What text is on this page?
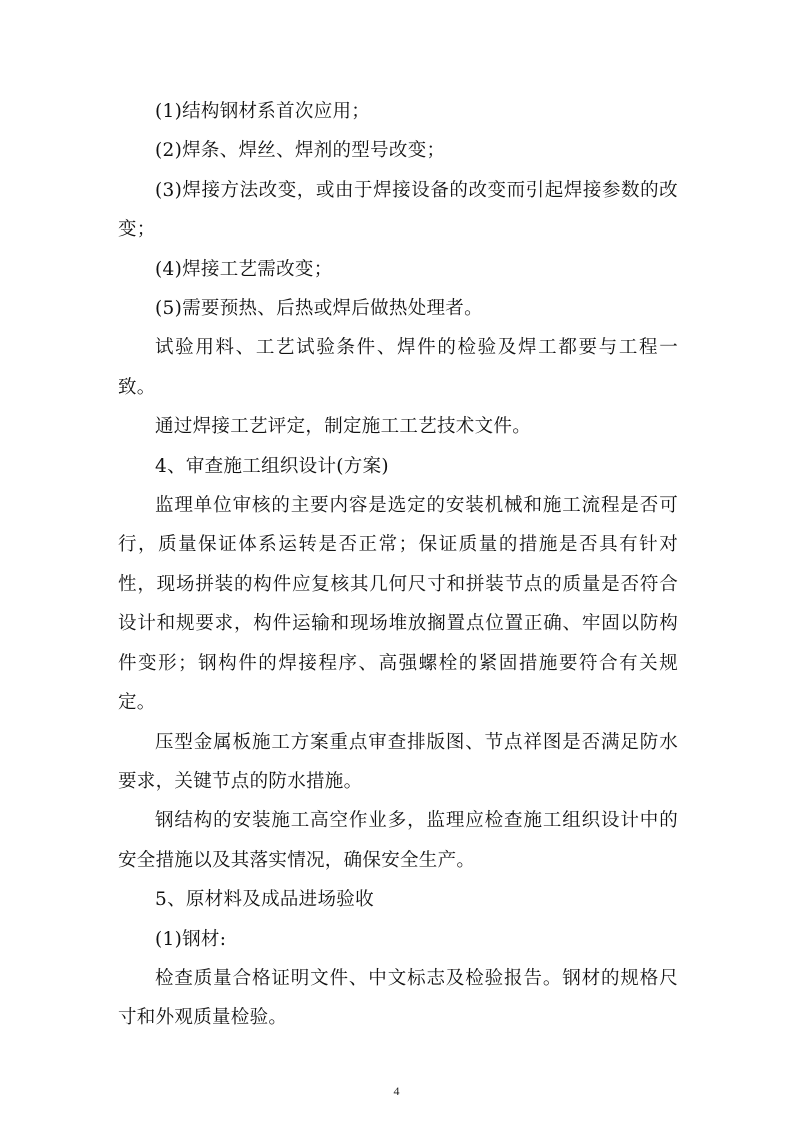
(1)结构钢材系首次应用；

(2)焊条、焊丝、焊剂的型号改变；

(3)焊接方法改变，或由于焊接设备的改变而引起焊接参数的改变；

(4)焊接工艺需改变；

(5)需要预热、后热或焊后做热处理者。

试验用料、工艺试验条件、焊件的检验及焊工都要与工程一致。

通过焊接工艺评定，制定施工工艺技术文件。

4、审查施工组织设计(方案)

监理单位审核的主要内容是选定的安装机械和施工流程是否可行，质量保证体系运转是否正常；保证质量的措施是否具有针对性，现场拼装的构件应复核其几何尺寸和拼装节点的质量是否符合设计和规要求，构件运输和现场堆放搁置点位置正确、牢固以防构件变形；钢构件的焊接程序、高强螺栓的紧固措施要符合有关规定。

压型金属板施工方案重点审查排版图、节点祥图是否满足防水要求，关键节点的防水措施。

钢结构的安装施工高空作业多，监理应检查施工组织设计中的安全措施以及其落实情况，确保安全生产。

5、原材料及成品进场验收

(1)钢材:

检查质量合格证明文件、中文标志及检验报告。钢材的规格尺寸和外观质量检验。

4
